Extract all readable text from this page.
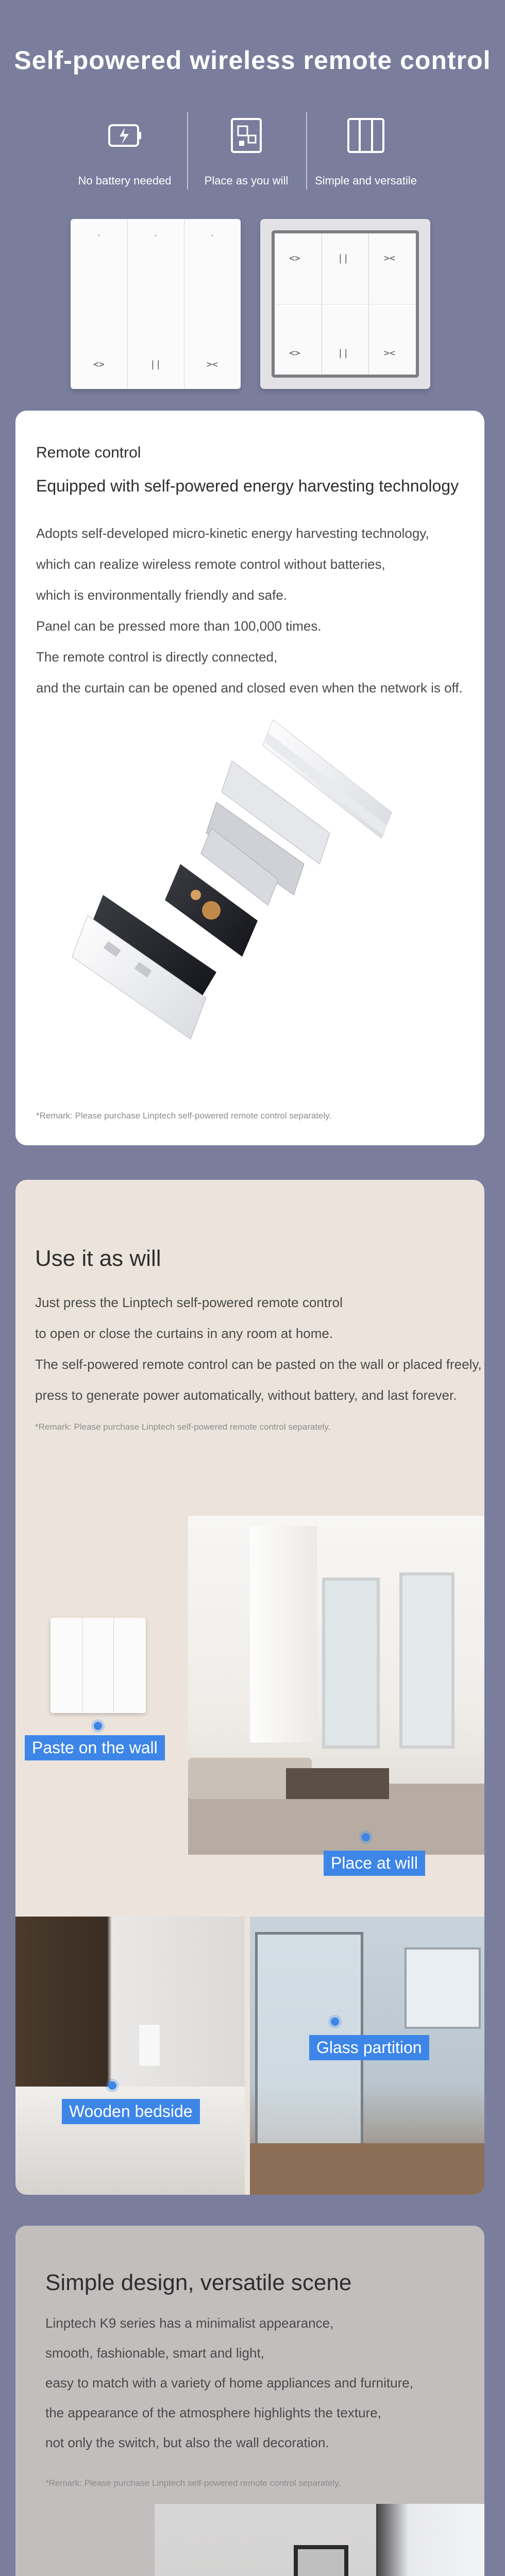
Self-powered wireless remote control
No battery needed	Place as you will	Simple and versatile
<>	||	><
<>	||	><
<>	||	><
Remote control
Equipped with self-powered energy harvesting technology
Adopts self-developed micro-kinetic energy harvesting technology,
which can realize wireless remote control without batteries,
which is environmentally friendly and safe.
Panel can be pressed more than 100,000 times.
The remote control is directly connected,
and the curtain can be opened and closed even when the network is off.
*Remark: Please purchase Linptech self-powered remote control separately.
Use it as will
Just press the Linptech self-powered remote control
to open or close the curtains in any room at home.
The self-powered remote control can be pasted on the wall or placed freely,
press to generate power automatically, without battery, and last forever.
*Remark: Please purchase Linptech self-powered remote control separately.
Paste on the wall
Place at will
Wooden bedside
Glass partition
Simple design, versatile scene
Linptech K9 series has a minimalist appearance,
smooth, fashionable, smart and light,
easy to match with a variety of home appliances and furniture,
the appearance of the atmosphere highlights the texture,
not only the switch, but also the wall decoration.
*Remark: Please purchase Linptech self-powered remote control separately.
